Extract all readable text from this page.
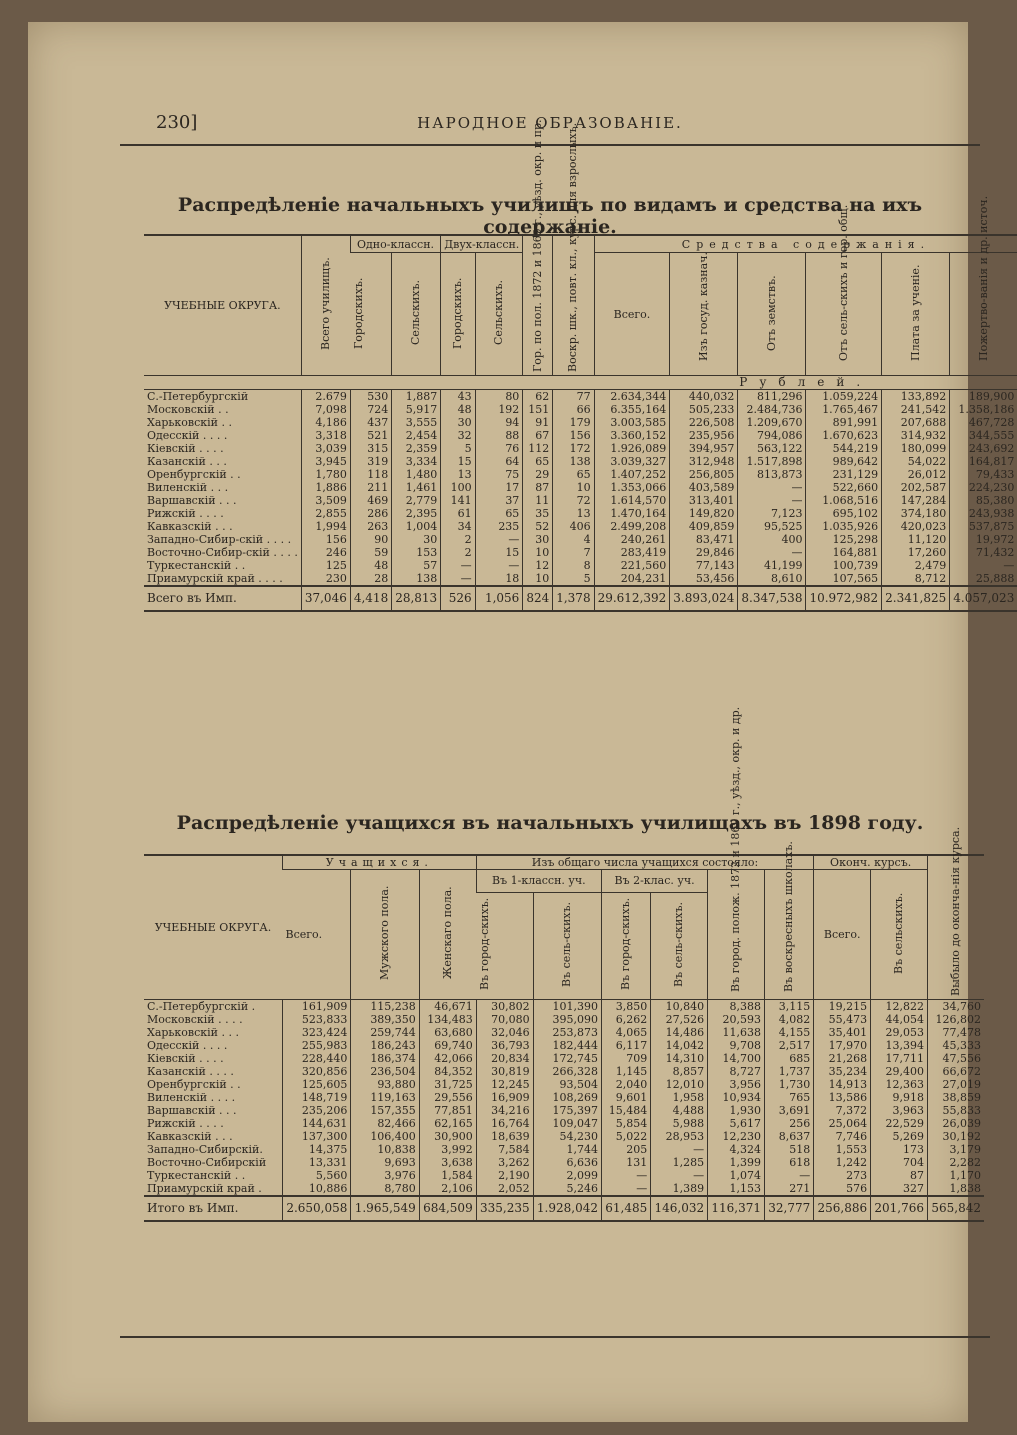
230]	НАРОДНОЕ ОБРАЗОВАНІЕ.
Распредѣленіе начальныхъ училищъ по видамъ и средства на ихъ содержаніе.
УЧЕБНЫЕ ОКРУГА.	Всего училищъ.	Одно-классн.		Двух-классн.		Гор. по пол. 1872 и 1869 г., уѣзд. окр. и пр.	Воскр. шк., повт. кл., курс. для взрослыхъ.	Средства содержанія.					
		Городскихъ.	Сельскихъ.	Городскихъ.	Сельскихъ.			Всего.	Изъ госуд. казнач.	Отъ земствъ.	Отъ сель-скихъ и гор. общ.	Плата за ученіе.	Пожертво-ванія и др. источ.
								Рублей.					
С.-Петербургскій	2.679	530	1,887	43	80	62	77	2.634,344	440,032	811,296	1.059,224	133,892	189,900
Московскій . .	7,098	724	5,917	48	192	151	66	6.355,164	505,233	2.484,736	1.765,467	241,542	1.358,186
Харьковскій . .	4,186	437	3,555	30	94	91	179	3.003,585	226,508	1.209,670	891,991	207,688	467,728
Одесскій . . . .	3,318	521	2,454	32	88	67	156	3.360,152	235,956	794,086	1.670,623	314,932	344,555
Кіевскій . . . .	3,039	315	2,359	5	76	112	172	1.926,089	394,957	563,122	544,219	180,099	243,692
Казанскій . . .	3,945	319	3,334	15	64	65	138	3.039,327	312,948	1.517,898	989,642	54,022	164,817
Оренбургскій . .	1,780	118	1,480	13	75	29	65	1.407,252	256,805	813,873	231,129	26,012	79,433
Виленскій . . .	1,886	211	1,461	100	17	87	10	1.353,066	403,589	—	522,660	202,587	224,230
Варшавскій . . .	3,509	469	2,779	141	37	11	72	1.614,570	313,401	—	1.068,516	147,284	85,380
Рижскій . . . .	2,855	286	2,395	61	65	35	13	1.470,164	149,820	7,123	695,102	374,180	243,938
Кавказскій . . .	1,994	263	1,004	34	235	52	406	2.499,208	409,859	95,525	1.035,926	420,023	537,875
Западно-Сибир-скій . . . .	156	90	30	2	—	30	4	240,261	83,471	400	125,298	11,120	19,972
Восточно-Сибир-скій . . . .	246	59	153	2	15	10	7	283,419	29,846	—	164,881	17,260	71,432
Туркестанскій . .	125	48	57	—	—	12	8	221,560	77,143	41,199	100,739	2,479	—
Приамурскій край . . . .	230	28	138	—	18	10	5	204,231	53,456	8,610	107,565	8,712	25,888
Всего въ Имп.	37,046	4,418	28,813	526	1,056	824	1,378	29.612,392	3.893,024	8.347,538	10.972,982	2.341,825	4.057,023
Распредѣленіе учащихся въ начальныхъ училищахъ въ 1898 году.
УЧЕБНЫЕ ОКРУГА.	Учащихся.			Изъ общаго числа учащихся состояло:						Оконч. курсъ.		Выбыло до оконча-нія курса.
	Всего.	Мужского пола.	Женскаго пола.	Въ 1-классн. уч.		Въ 2-клас. уч.		Въ город. полож. 1872 и 1869 г., уѣзд., окр. и др.	Въ воскресныхъ школахъ.	Всего.	Въ сельскихъ.	
				Въ город-скихъ.	Въ сель-скихъ.	Въ город-скихъ.	Въ сель-скихъ.					
С.-Петербургскій .	161,909	115,238	46,671	30,802	101,390	3,850	10,840	8,388	3,115	19,215	12,822	34,760
Московскій . . . .	523,833	389,350	134,483	70,080	395,090	6,262	27,526	20,593	4,082	55,473	44,054	126,802
Харьковскій . . .	323,424	259,744	63,680	32,046	253,873	4,065	14,486	11,638	4,155	35,401	29,053	77,478
Одесскій . . . .	255,983	186,243	69,740	36,793	182,444	6,117	14,042	9,708	2,517	17,970	13,394	45,333
Кіевскій . . . .	228,440	186,374	42,066	20,834	172,745	709	14,310	14,700	685	21,268	17,711	47,556
Казанскій . . . .	320,856	236,504	84,352	30,819	266,328	1,145	8,857	8,727	1,737	35,234	29,400	66,672
Оренбургскій . .	125,605	93,880	31,725	12,245	93,504	2,040	12,010	3,956	1,730	14,913	12,363	27,019
Виленскій . . . .	148,719	119,163	29,556	16,909	108,269	9,601	1,958	10,934	765	13,586	9,918	38,859
Варшавскій . . .	235,206	157,355	77,851	34,216	175,397	15,484	4,488	1,930	3,691	7,372	3,963	55,833
Рижскій . . . .	144,631	82,466	62,165	16,764	109,047	5,854	5,988	5,617	256	25,064	22,529	26,039
Кавказскій . . .	137,300	106,400	30,900	18,639	54,230	5,022	28,953	12,230	8,637	7,746	5,269	30,192
Западно-Сибирскій.	14,375	10,838	3,992	7,584	1,744	205	—	4,324	518	1,553	173	3,179
Восточно-Сибирскій	13,331	9,693	3,638	3,262	6,636	131	1,285	1,399	618	1,242	704	2,282
Туркестанскій . .	5,560	3,976	1,584	2,190	2,099	—	—	1,074	—	273	87	1,170
Приамурскій край .	10,886	8,780	2,106	2,052	5,246	—	1,389	1,153	271	576	327	1,838
Итого въ Имп.	2.650,058	1.965,549	684,509	335,235	1.928,042	61,485	146,032	116,371	32,777	256,886	201,766	565,842
